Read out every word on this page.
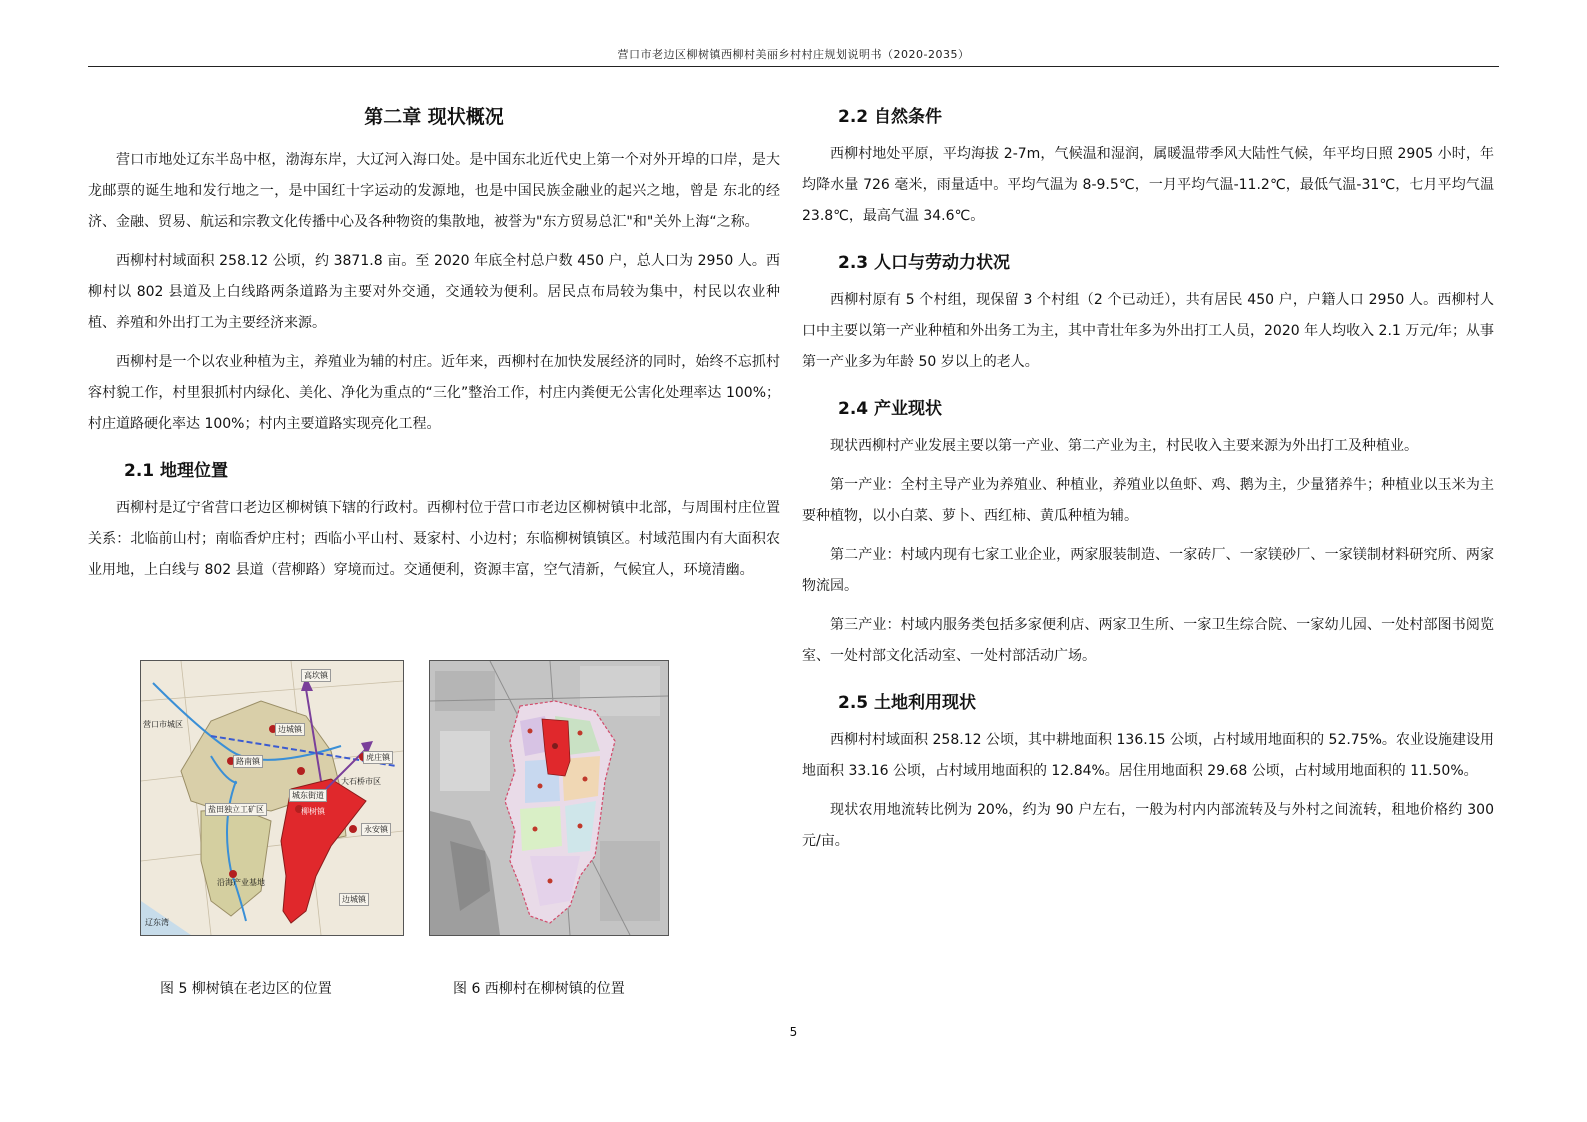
营口市老边区柳树镇西柳村美丽乡村村庄规划说明书（2020-2035）
第二章 现状概况

营口市地处辽东半岛中枢，渤海东岸，大辽河入海口处。是中国东北近代史上第一个对外开埠的口岸，是大龙邮票的诞生地和发行地之一，是中国红十字运动的发源地，也是中国民族金融业的起兴之地，曾是 东北的经济、金融、贸易、航运和宗教文化传播中心及各种物资的集散地，被誉为"东方贸易总汇"和"关外上海“之称。

西柳村村域面积 258.12 公顷，约 3871.8 亩。至 2020 年底全村总户数 450 户，总人口为 2950 人。西柳村以 802 县道及上白线路两条道路为主要对外交通，交通较为便利。居民点布局较为集中，村民以农业种植、养殖和外出打工为主要经济来源。

西柳村是一个以农业种植为主，养殖业为辅的村庄。近年来，西柳村在加快发展经济的同时，始终不忘抓村容村貌工作，村里狠抓村内绿化、美化、净化为重点的“三化”整治工作，村庄内粪便无公害化处理率达 100%；村庄道路硬化率达 100%；村内主要道路实现亮化工程。

2.1 地理位置

西柳村是辽宁省营口老边区柳树镇下辖的行政村。西柳村位于营口市老边区柳树镇中北部，与周围村庄位置关系：北临前山村；南临香炉庄村；西临小平山村、聂家村、小边村；东临柳树镇镇区。村域范围内有大面积农业用地，上白线与 802 县道（营柳路）穿境而过。交通便利，资源丰富，空气清新，气候宜人，环境清幽。

高坎镇
营口市城区
边城镇
虎庄镇
路南镇
大石桥市区
城东街道
盐田独立工矿区	柳树镇
永安镇
沿海产业基地
边城镇
辽东湾
图 5 柳树镇在老边区的位置	图 6 西柳村在柳树镇的位置
2.2 自然条件

西柳村地处平原，平均海拔 2-7m，气候温和湿润，属暖温带季风大陆性气候，年平均日照 2905 小时，年均降水量 726 毫米，雨量适中。平均气温为 8-9.5℃，一月平均气温-11.2℃，最低气温-31℃，七月平均气温 23.8℃，最高气温 34.6℃。

2.3 人口与劳动力状况

西柳村原有 5 个村组，现保留 3 个村组（2 个已动迁），共有居民 450 户，户籍人口 2950 人。西柳村人口中主要以第一产业种植和外出务工为主，其中青壮年多为外出打工人员，2020 年人均收入 2.1 万元/年；从事第一产业多为年龄 50 岁以上的老人。

2.4 产业现状

现状西柳村产业发展主要以第一产业、第二产业为主，村民收入主要来源为外出打工及种植业。

第一产业：全村主导产业为养殖业、种植业，养殖业以鱼虾、鸡、鹅为主，少量猪养牛；种植业以玉米为主要种植物，以小白菜、萝卜、西红柿、黄瓜种植为辅。

第二产业：村域内现有七家工业企业，两家服装制造、一家砖厂、一家镁砂厂、一家镁制材料研究所、两家物流园。

第三产业：村域内服务类包括多家便利店、两家卫生所、一家卫生综合院、一家幼儿园、一处村部图书阅览室、一处村部文化活动室、一处村部活动广场。

2.5 土地利用现状

西柳村村域面积 258.12 公顷，其中耕地面积 136.15 公顷，占村域用地面积的 52.75%。农业设施建设用地面积 33.16 公顷，占村域用地面积的 12.84%。居住用地面积 29.68 公顷，占村域用地面积的 11.50%。

现状农用地流转比例为 20%，约为 90 户左右，一般为村内内部流转及与外村之间流转，租地价格约 300 元/亩。

5
